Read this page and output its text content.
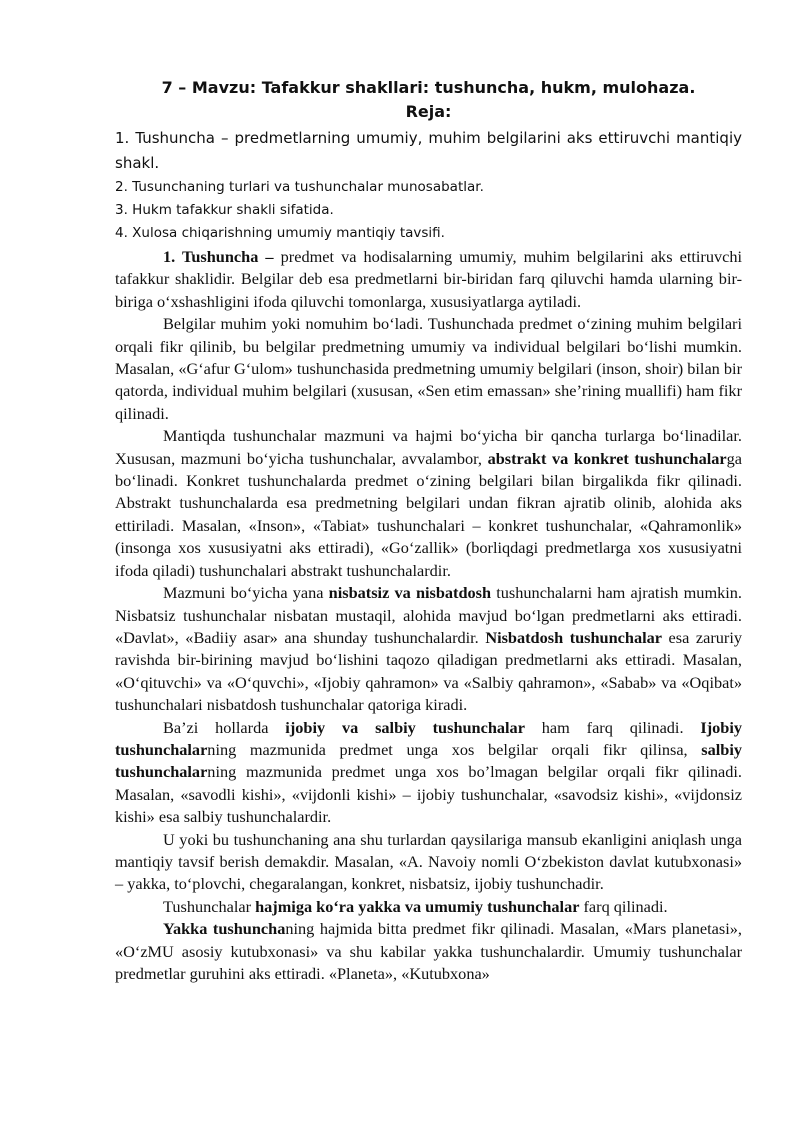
7 – Mavzu: Tafakkur shakllari: tushuncha, hukm, mulohaza.
Reja:
1. Tushuncha – predmetlarning umumiy, muhim belgilarini aks ettiruvchi mantiqiy shakl.
2. Tusunchaning turlari va tushunchalar munosabatlar.
3. Hukm tafakkur shakli sifatida.
4. Xulosa chiqarishning umumiy mantiqiy tavsifi.

1. Tushuncha – predmet va hodisalarning umumiy, muhim belgilarini aks ettiruvchi tafakkur shaklidir. Belgilar deb esa predmetlarni bir-biridan farq qiluvchi hamda ularning bir-biriga o‘xshashligini ifoda qiluvchi tomonlarga, xususiyatlarga aytiladi.

Belgilar muhim yoki nomuhim bo‘ladi. Tushunchada predmet o‘zining muhim belgilari orqali fikr qilinib, bu belgilar predmetning umumiy va individual belgilari bo‘lishi mumkin. Masalan, «G‘afur G‘ulom» tushunchasida predmetning umumiy belgilari (inson, shoir) bilan bir qatorda, individual muhim belgilari (xususan, «Sen etim emassan» she’rining muallifi) ham fikr qilinadi.

Mantiqda tushunchalar mazmuni va hajmi bo‘yicha bir qancha turlarga bo‘linadilar. Xususan, mazmuni bo‘yicha tushunchalar, avvalambor, abstrakt va konkret tushunchalarga bo‘linadi. Konkret tushunchalarda predmet o‘zining belgilari bilan birgalikda fikr qilinadi. Abstrakt tushunchalarda esa predmetning belgilari undan fikran ajratib olinib, alohida aks ettiriladi. Masalan, «Inson», «Tabiat» tushunchalari – konkret tushunchalar, «Qahramonlik» (insonga xos xususiyatni aks ettiradi), «Go‘zallik» (borliqdagi predmetlarga xos xususiyatni ifoda qiladi) tushunchalari abstrakt tushunchalardir.

Mazmuni bo‘yicha yana nisbatsiz va nisbatdosh tushunchalarni ham ajratish mumkin. Nisbatsiz tushunchalar nisbatan mustaqil, alohida mavjud bo‘lgan predmetlarni aks ettiradi. «Davlat», «Badiiy asar» ana shunday tushunchalardir. Nisbatdosh tushunchalar esa zaruriy ravishda bir-birining mavjud bo‘lishini taqozo qiladigan predmetlarni aks ettiradi. Masalan, «O‘qituvchi» va «O‘quvchi», «Ijobiy qahramon» va «Salbiy qahramon», «Sabab» va «Oqibat» tushunchalari nisbatdosh tushunchalar qatoriga kiradi.

Ba’zi hollarda ijobiy va salbiy tushunchalar ham farq qilinadi. Ijobiy tushunchalarning mazmunida predmet unga xos belgilar orqali fikr qilinsa, salbiy tushunchalarning mazmunida predmet unga xos bo’lmagan belgilar orqali fikr qilinadi. Masalan, «savodli kishi», «vijdonli kishi» – ijobiy tushunchalar, «savodsiz kishi», «vijdonsiz kishi» esa salbiy tushunchalardir.

U yoki bu tushunchaning ana shu turlardan qaysilariga mansub ekanligini aniqlash unga mantiqiy tavsif berish demakdir. Masalan, «A. Navoiy nomli O‘zbekiston davlat kutubxonasi» – yakka, to‘plovchi, chegaralangan, konkret, nisbatsiz, ijobiy tushunchadir.

Tushunchalar hajmiga ko‘ra yakka va umumiy tushunchalar farq qilinadi.

Yakka tushunchaning hajmida bitta predmet fikr qilinadi. Masalan, «Mars planetasi», «O‘zMU asosiy kutubxonasi» va shu kabilar yakka tushunchalardir. Umumiy tushunchalar predmetlar guruhini aks ettiradi. «Planeta», «Kutubxona»
